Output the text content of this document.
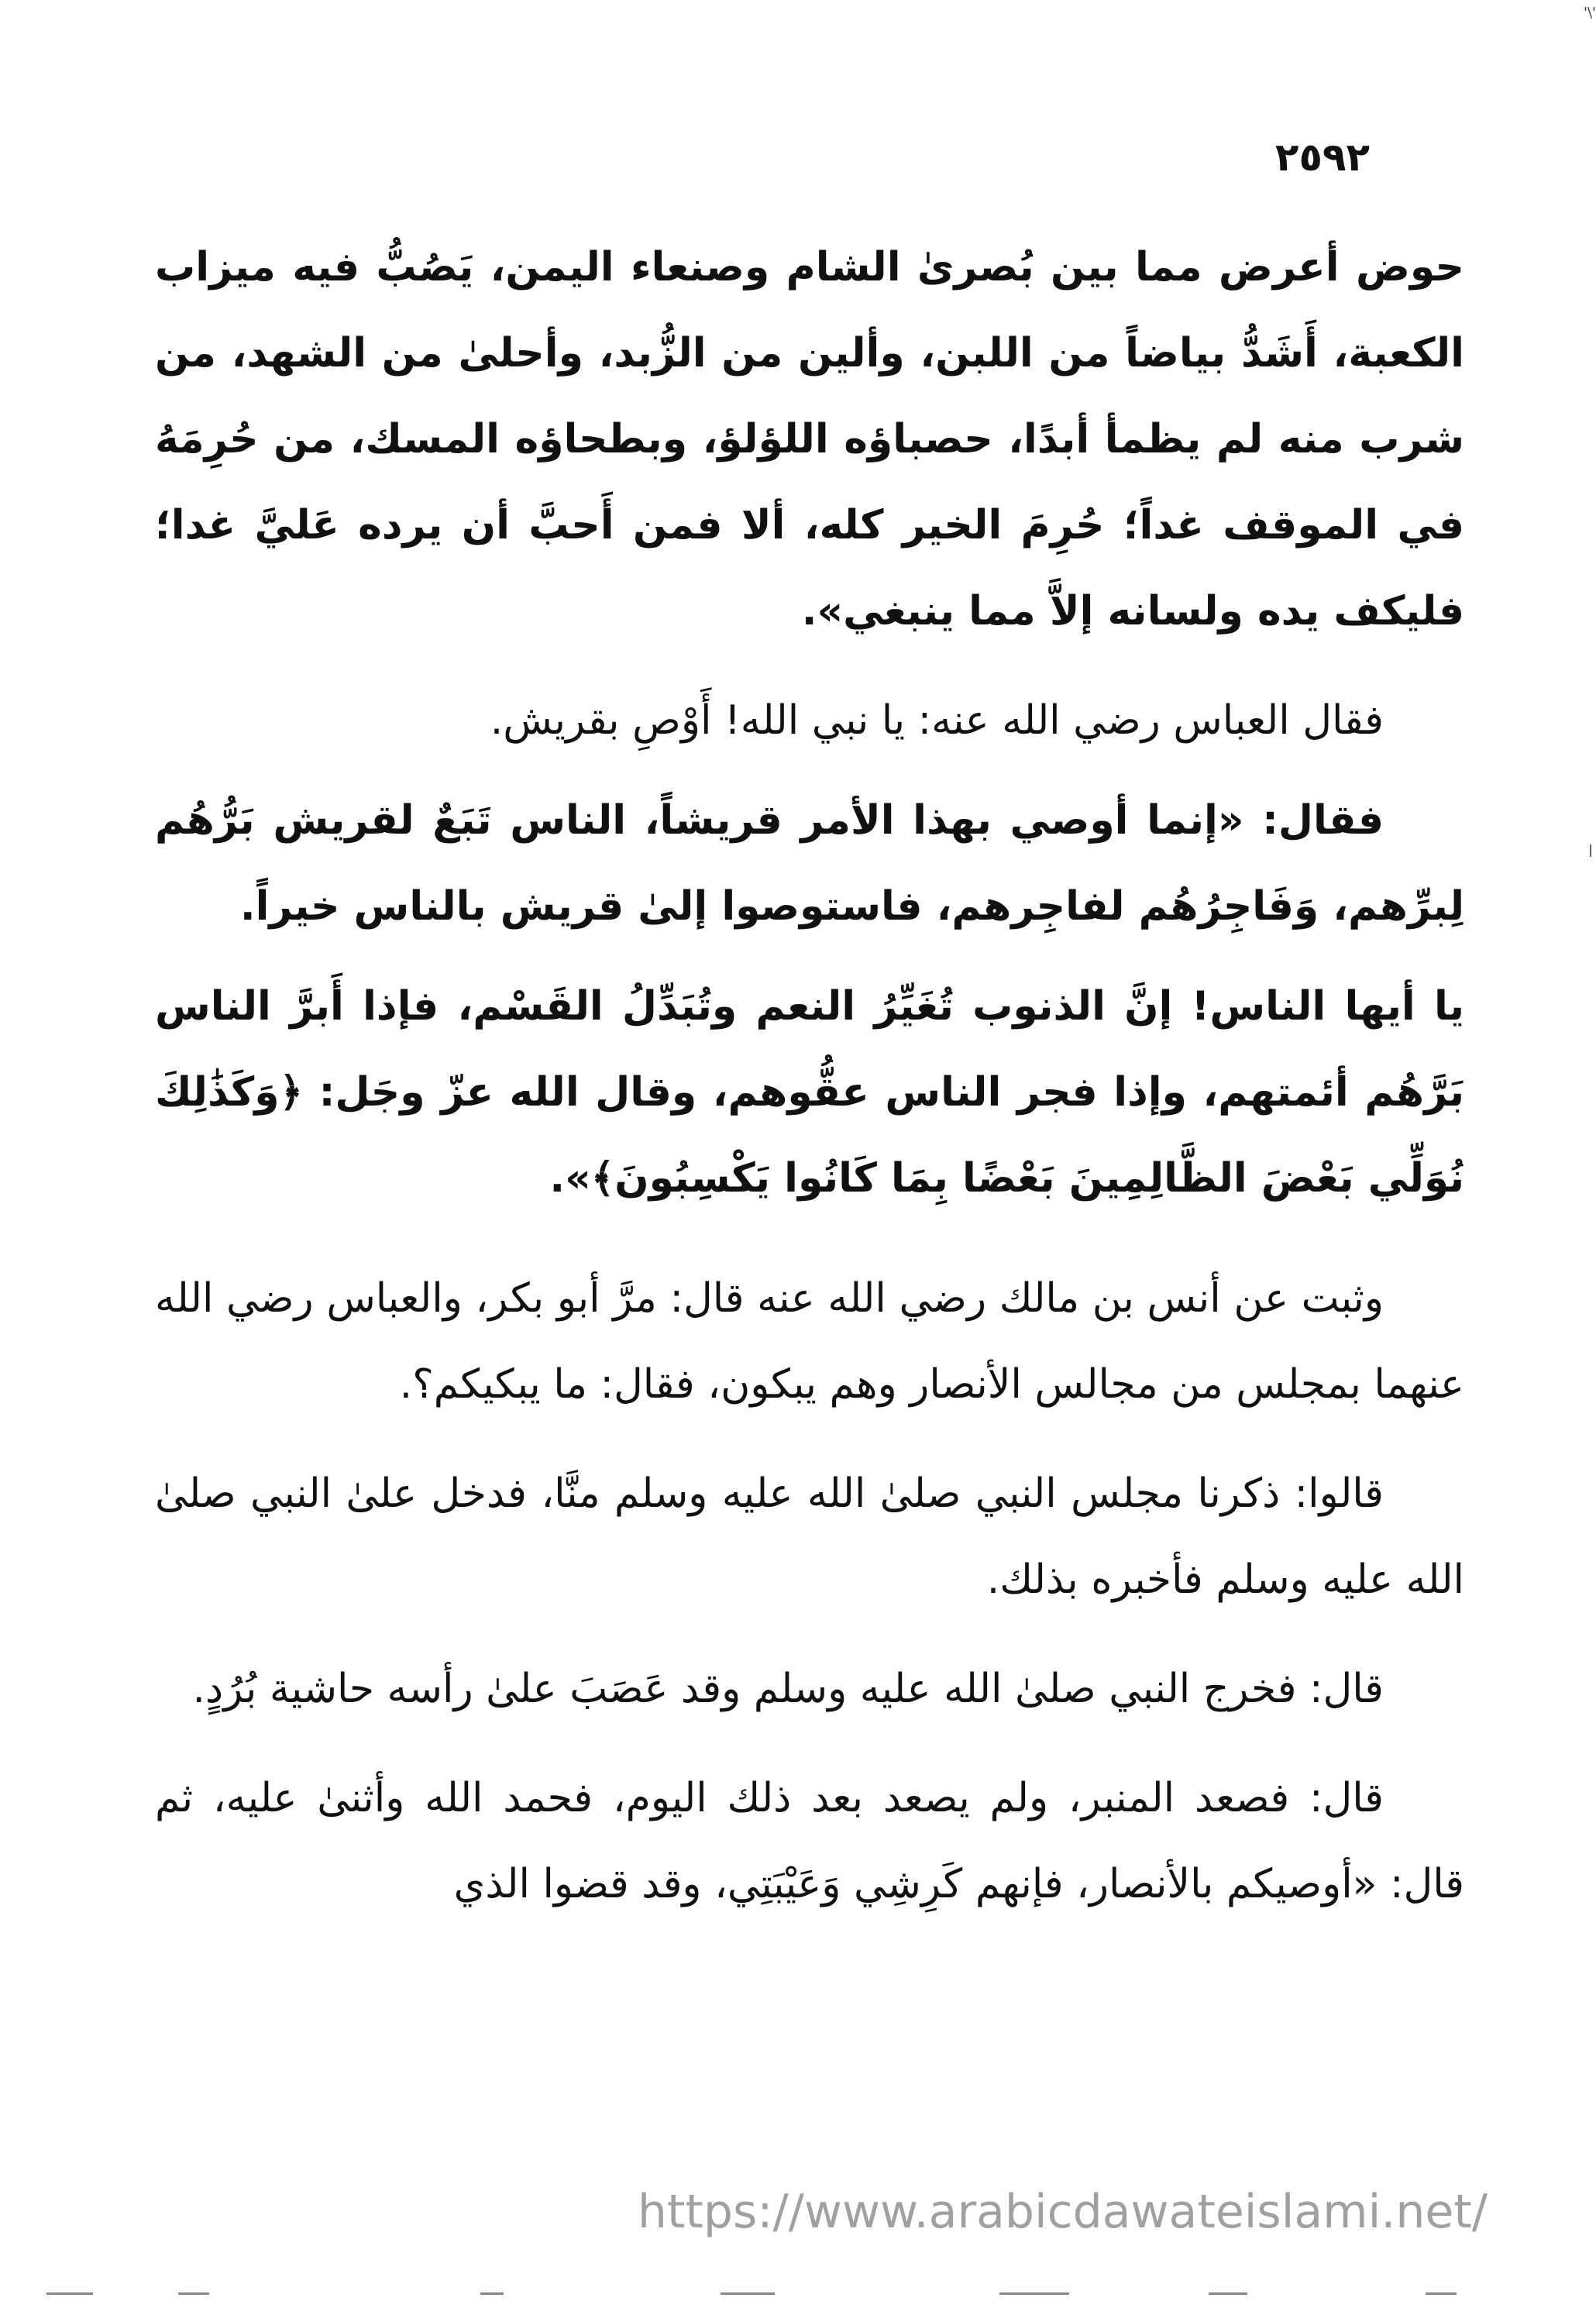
'\'
٢٥٩٢

حوض أعرض مما بين بُصرىٰ الشام وصنعاء اليمن، يَصُبُّ فيه ميزاب الكعبة، أَشَدُّ بياضاً من اللبن، وألين من الزُّبد، وأحلىٰ من الشهد، من شرب منه لم يظمأ أبدًا، حصباؤه اللؤلؤ، وبطحاؤه المسك، من حُرِمَهُ في الموقف غداً؛ حُرِمَ الخير كله، ألا فمن أَحبَّ أن يرده عَليَّ غدا؛ فليكف يده ولسانه إلاَّ مما ينبغي».

فقال العباس رضي الله عنه: يا نبي الله! أَوْصِ بقريش.

فقال: «إنما أوصي بهذا الأمر قريشاً، الناس تَبَعٌ لقريش بَرُّهُم لِبرِّهم، وَفَاجِرُهُم لفاجِرهم، فاستوصوا إلىٰ قريش بالناس خيراً.

يا أيها الناس! إنَّ الذنوب تُغَيِّرُ النعم وتُبَدِّلُ القَسْم، فإذا أَبرَّ الناس بَرَّهُم أئمتهم، وإذا فجر الناس عقُّوهم، وقال الله عزّ وجَل: ﴿وَكَذَٰلِكَ نُوَلِّي بَعْضَ الظَّالِمِينَ بَعْضًا بِمَا كَانُوا يَكْسِبُونَ﴾».

وثبت عن أنس بن مالك رضي الله عنه قال: مرَّ أبو بكر، والعباس رضي الله عنهما بمجلس من مجالس الأنصار وهم يبكون، فقال: ما يبكيكم؟.

قالوا: ذكرنا مجلس النبي صلىٰ الله عليه وسلم منَّا، فدخل علىٰ النبي صلىٰ الله عليه وسلم فأخبره بذلك.

قال: فخرج النبي صلىٰ الله عليه وسلم وقد عَصَبَ علىٰ رأسه حاشية بُرُدٍ.

قال: فصعد المنبر، ولم يصعد بعد ذلك اليوم، فحمد الله وأثنىٰ عليه، ثم قال: «أوصيكم بالأنصار، فإنهم كَرِشِي وَعَيْبَتِي، وقد قضوا الذي

https://www.arabicdawateislami.net/
